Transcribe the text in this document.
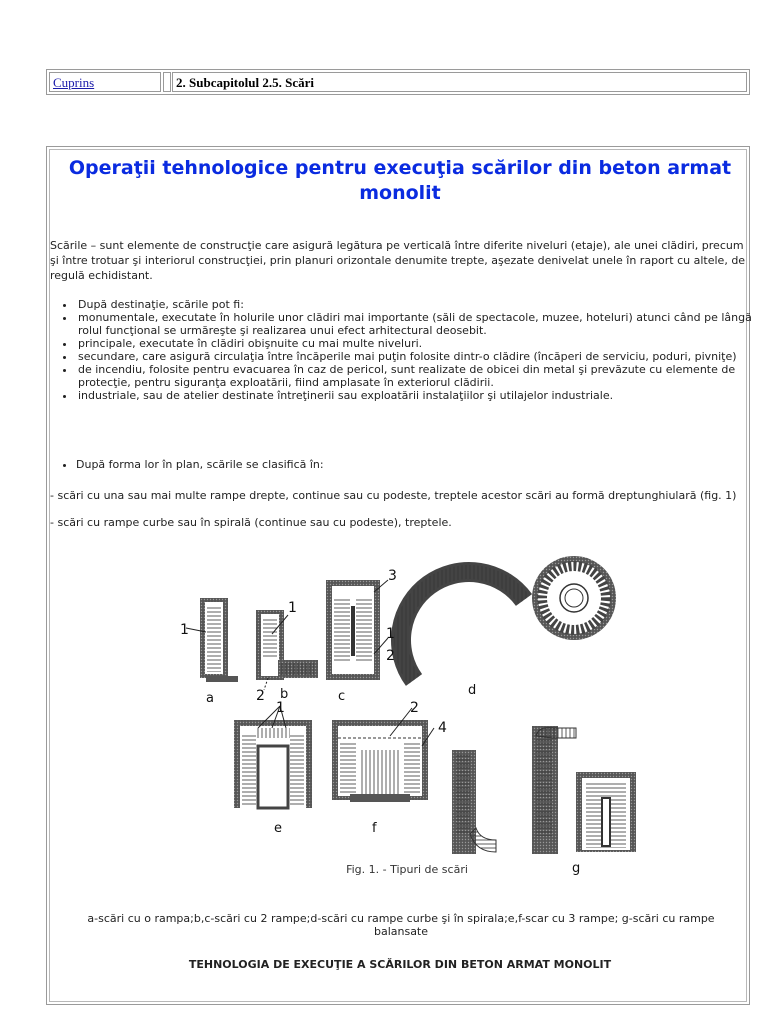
Cuprins	2. Subcapitolul 2.5. Scări
Operaţii tehnologice pentru execuţia scărilor din beton armat monolit
Scările – sunt elemente de construcţie care asigură legătura pe verticală între diferite niveluri (etaje), ale unei clădiri, precum şi între trotuar şi interiorul construcţiei, prin planuri orizontale denumite trepte, aşezate denivelat unele în raport cu altele, de regulă echidistant.
• După destinaţie, scările pot fi:
• monumentale, executate în holurile unor clădiri mai importante (săli de spectacole, muzee, hoteluri) atunci când pe lângă rolul funcţional se urmăreşte şi realizarea unui efect arhitectural deosebit.
• principale, executate în clădiri obişnuite cu mai multe niveluri.
• secundare, care asigură circulaţia între încăperile mai puţin folosite dintr-o clădire (încăperi de serviciu, poduri, pivniţe)
• de incendiu, folosite pentru evacuarea în caz de pericol, sunt realizate de obicei din metal şi prevăzute cu elemente de protecţie, pentru siguranţa exploatării, fiind amplasate în exteriorul clădirii.
• industriale, sau de atelier destinate întreţinerii sau exploatării instalaţiilor şi utilajelor industriale.
• După forma lor în plan, scările se clasifică în:
- scări cu una sau mai multe rampe drepte, continue sau cu podeste, treptele acestor scări au formă dreptunghiulară (fig. 1)
- scări cu rampe curbe sau în spirală (continue sau cu podeste), treptele.
1
a
1
2 b
3
1
2
c	d
1
e
2
4
f
g
Fig. 1. - Tipuri de scări
a-scări cu o rampa;b,c-scări cu 2 rampe;d-scări cu rampe curbe şi în spirala;e,f-scar cu 3 rampe; g-scări cu rampe balansate
TEHNOLOGIA DE EXECUŢIE A SCĂRILOR DIN BETON ARMAT MONOLIT
